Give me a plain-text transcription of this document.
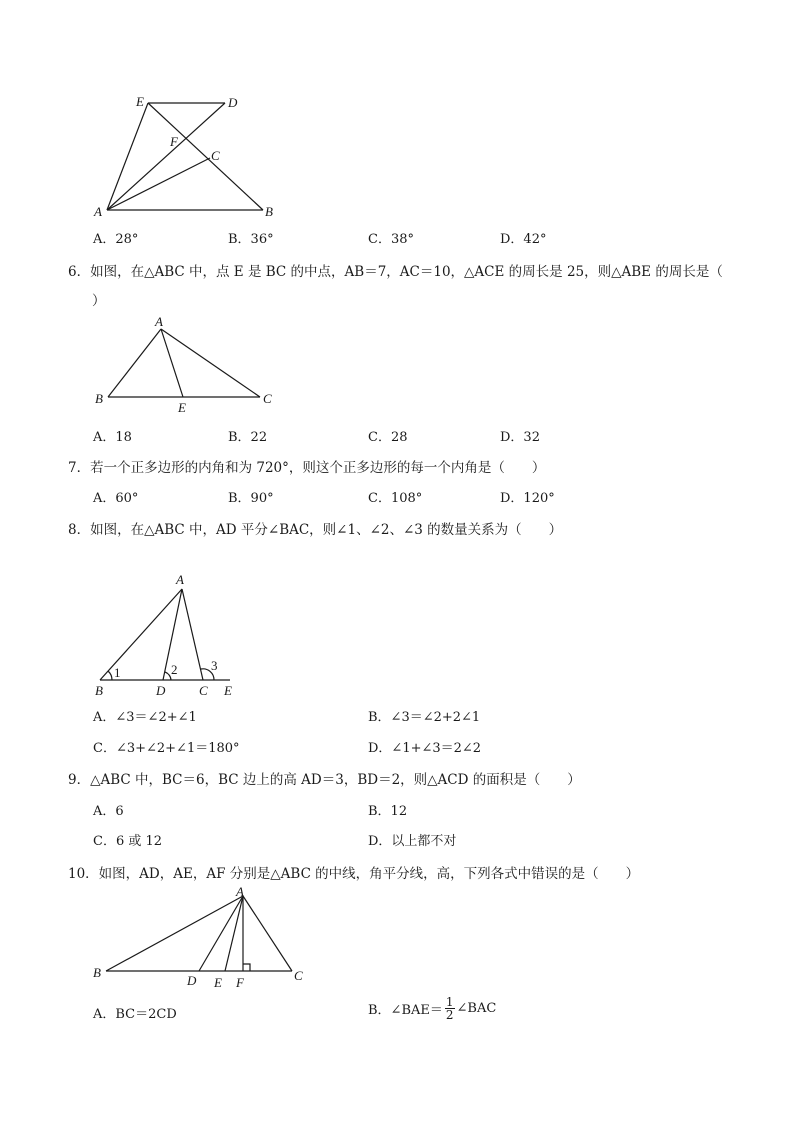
E	D
F
C
A	B
A．28°	B．36°	C．38°	D．42°
6．如图，在△ABC 中，点 E 是 BC 的中点，AB＝7，AC＝10，△ACE 的周长是 25，则△ABE 的周长是（
）
A
B
E
C
A．18	B．22	C．28	D．32
7．若一个正多边形的内角和为 720°，则这个正多边形的每一个内角是（　　）
A．60°	B．90°	C．108°	D．120°
8．如图，在△ABC 中，AD 平分∠BAC，则∠1、∠2、∠3 的数量关系为（　　）
A
1	2	3
B	D	C E
A．∠3＝∠2+∠1	B．∠3＝∠2+2∠1
C．∠3+∠2+∠1＝180°	D．∠1+∠3＝2∠2
9．△ABC 中，BC＝6，BC 边上的高 AD＝3，BD＝2，则△ACD 的面积是（　　）
A．6	B．12
C．6 或 12	D．以上都不对
10．如图，AD，AE，AF 分别是△ABC 的中线，角平分线，高，下列各式中错误的是（　　）
A
B
D E F	C
A．BC＝2CD	B．∠BAE＝ $\frac{1}{2}$ ∠BAC
